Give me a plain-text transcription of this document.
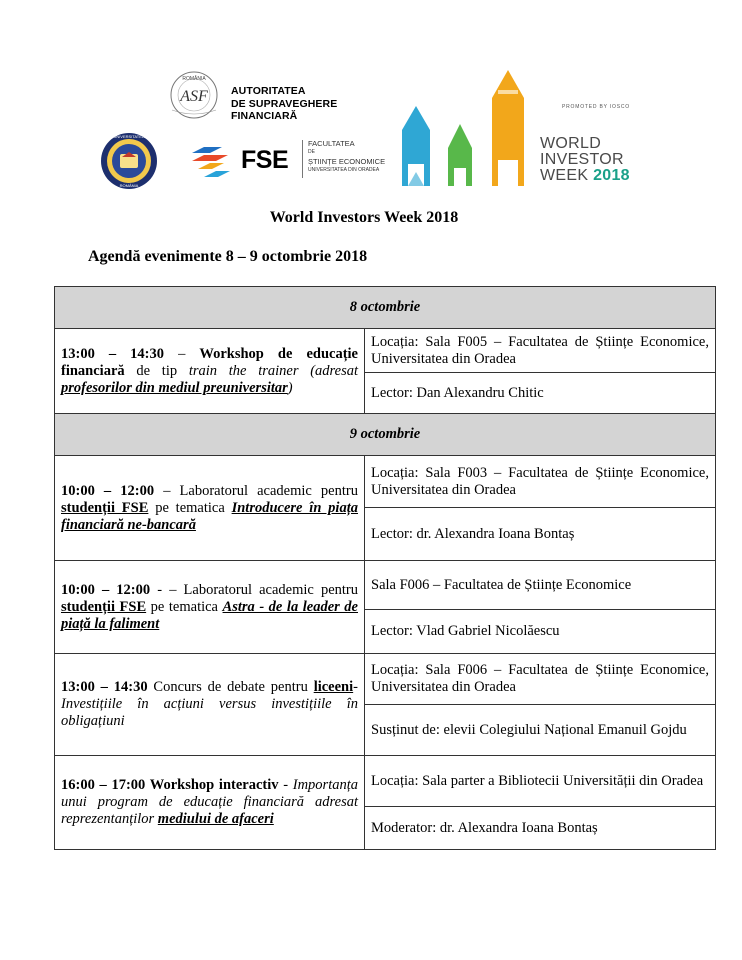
ROMÂNIA
ASF AUTORITATEA
DE SUPRAVEGHERE
FINANCIARĂ
UNIVERSITATEA
ROMÂNIA
FSE
FACULTATEA
DE
ȘTIINȚE ECONOMICE
UNIVERSITATEA DIN ORADEA
PROMOTED BY IOSCO
WORLD
INVESTOR
WEEK 2018
World Investors Week 2018
Agendă evenimente 8 – 9 octombrie 2018
8 octombrie	
13:00 – 14:30 – Workshop de educație financiară de tip train the trainer (adresat profesorilor din mediul preuniversitar)	Locația: Sala F005 – Facultatea de Științe Economice, Universitatea din Oradea
	Lector: Dan Alexandru Chitic
9 octombrie	
10:00 – 12:00 – Laboratorul academic pentru studenții FSE pe tematica Introducere în piața financiară ne-bancară	Locația: Sala F003 – Facultatea de Științe Economice, Universitatea din Oradea
	Lector: dr. Alexandra Ioana Bontaș
10:00 – 12:00 - – Laboratorul academic pentru studenții FSE pe tematica Astra - de la leader de piață la faliment	Sala F006 – Facultatea de Științe Economice
	Lector: Vlad Gabriel Nicolăescu
13:00 – 14:30 Concurs de debate pentru liceeni-Investițiile în acțiuni versus investițiile în obligațiuni	Locația: Sala F006 – Facultatea de Științe Economice, Universitatea din Oradea
	Susținut de: elevii Colegiului Național Emanuil Gojdu
16:00 – 17:00 Workshop interactiv - Importanța unui program de educație financiară adresat reprezentanților mediului de afaceri	Locația: Sala parter a Bibliotecii Universității din Oradea
	Moderator: dr. Alexandra Ioana Bontaș
